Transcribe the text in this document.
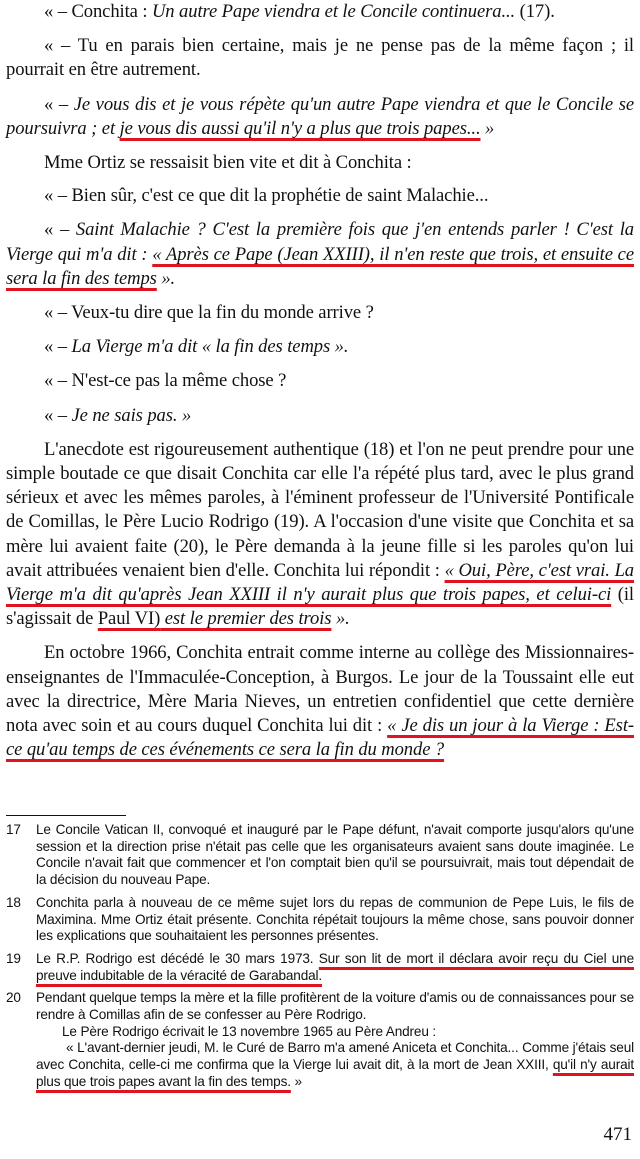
« – Conchita : Un autre Pape viendra et le Concile continuera... (17).

« – Tu en parais bien certaine, mais je ne pense pas de la même façon ; il pourrait en être autrement.

« – Je vous dis et je vous répète qu'un autre Pape viendra et que le Concile se poursuivra ; et je vous dis aussi qu'il n'y a plus que trois papes... »

Mme Ortiz se ressaisit bien vite et dit à Conchita :

« – Bien sûr, c'est ce que dit la prophétie de saint Malachie...

« – Saint Malachie ? C'est la première fois que j'en entends parler ! C'est la Vierge qui m'a dit : « Après ce Pape (Jean XXIII), il n'en reste que trois, et ensuite ce sera la fin des temps ».

« – Veux-tu dire que la fin du monde arrive ?

« – La Vierge m'a dit « la fin des temps ».

« – N'est-ce pas la même chose ?

« – Je ne sais pas. »

L'anecdote est rigoureusement authentique (18) et l'on ne peut prendre pour une simple boutade ce que disait Conchita car elle l'a répété plus tard, avec le plus grand sérieux et avec les mêmes paroles, à l'éminent professeur de l'Université Pontificale de Comillas, le Père Lucio Rodrigo (19). A l'occasion d'une visite que Conchita et sa mère lui avaient faite (20), le Père demanda à la jeune fille si les paroles qu'on lui avait attribuées venaient bien d'elle. Conchita lui répondit : « Oui, Père, c'est vrai. La Vierge m'a dit qu'après Jean XXIII il n'y aurait plus que trois papes, et celui-ci (il s'agissait de Paul VI) est le premier des trois ».

En octobre 1966, Conchita entrait comme interne au collège des Missionnaires-enseignantes de l'Immaculée-Conception, à Burgos. Le jour de la Toussaint elle eut avec la directrice, Mère Maria Nieves, un entretien confidentiel que cette dernière nota avec soin et au cours duquel Conchita lui dit : « Je dis un jour à la Vierge : Est-ce qu'au temps de ces événements ce sera la fin du monde ?

17	Le Concile Vatican II, convoqué et inauguré par le Pape défunt, n'avait comporte jusqu'alors qu'une session et la direction prise n'était pas celle que les organisateurs avaient sans doute imaginée. Le Concile n'avait fait que commencer et l'on comptait bien qu'il se poursuivrait, mais tout dépendait de la décision du nouveau Pape.
18	Conchita parla à nouveau de ce même sujet lors du repas de communion de Pepe Luis, le fils de Maximina. Mme Ortiz était présente. Conchita répétait toujours la même chose, sans pouvoir donner les explications que souhaitaient les personnes présentes.
19	Le R.P. Rodrigo est décédé le 30 mars 1973. Sur son lit de mort il déclara avoir reçu du Ciel une preuve indubitable de la véracité de Garabandal.
20	Pendant quelque temps la mère et la fille profitèrent de la voiture d'amis ou de connaissances pour se rendre à Comillas afin de se confesser au Père Rodrigo.
Le Père Rodrigo écrivait le 13 novembre 1965 au Père Andreu :
« L'avant-dernier jeudi, M. le Curé de Barro m'a amené Aniceta et Conchita... Comme j'étais seul avec Conchita, celle-ci me confirma que la Vierge lui avait dit, à la mort de Jean XXIII, qu'il n'y aurait plus que trois papes avant la fin des temps. »
471
